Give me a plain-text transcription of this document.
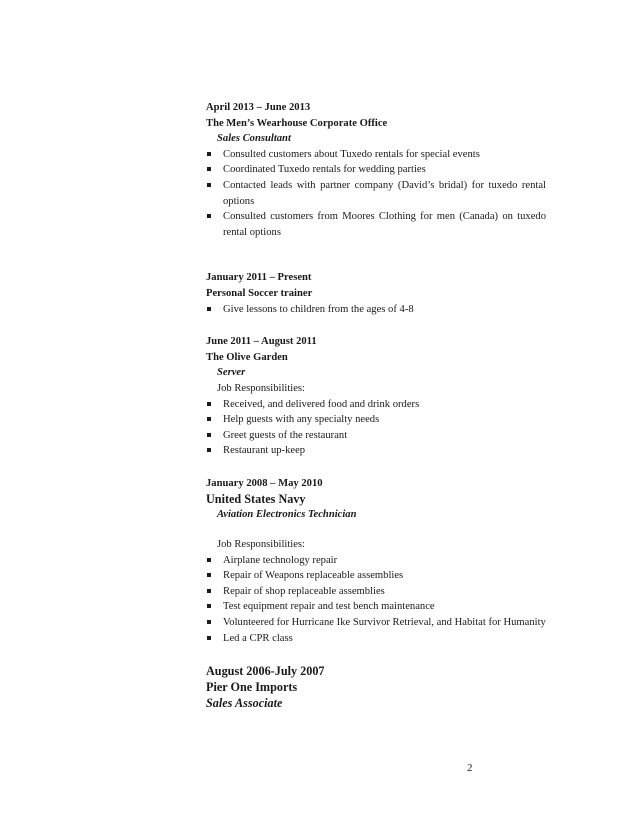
April 2013 – June 2013
The Men’s Wearhouse Corporate Office
Sales Consultant
Consulted customers about Tuxedo rentals for special events
Coordinated Tuxedo rentals for wedding parties
Contacted leads with partner company (David’s bridal) for tuxedo rental options
Consulted customers from Moores Clothing for men (Canada) on tuxedo rental options
January 2011 – Present
Personal Soccer trainer
Give lessons to children from the ages of 4-8
June 2011 – August 2011
The Olive Garden
Server
Job Responsibilities:
Received, and delivered food and drink orders
Help guests with any specialty needs
Greet guests of the restaurant
Restaurant up-keep
January 2008 – May 2010
United States Navy
Aviation Electronics Technician
Job Responsibilities:
Airplane technology repair
Repair of Weapons replaceable assemblies
Repair of shop replaceable assemblies
Test equipment repair and test bench maintenance
Volunteered for Hurricane Ike Survivor Retrieval, and Habitat for Humanity
Led a CPR class
August 2006-July 2007
Pier One Imports
Sales Associate
2
